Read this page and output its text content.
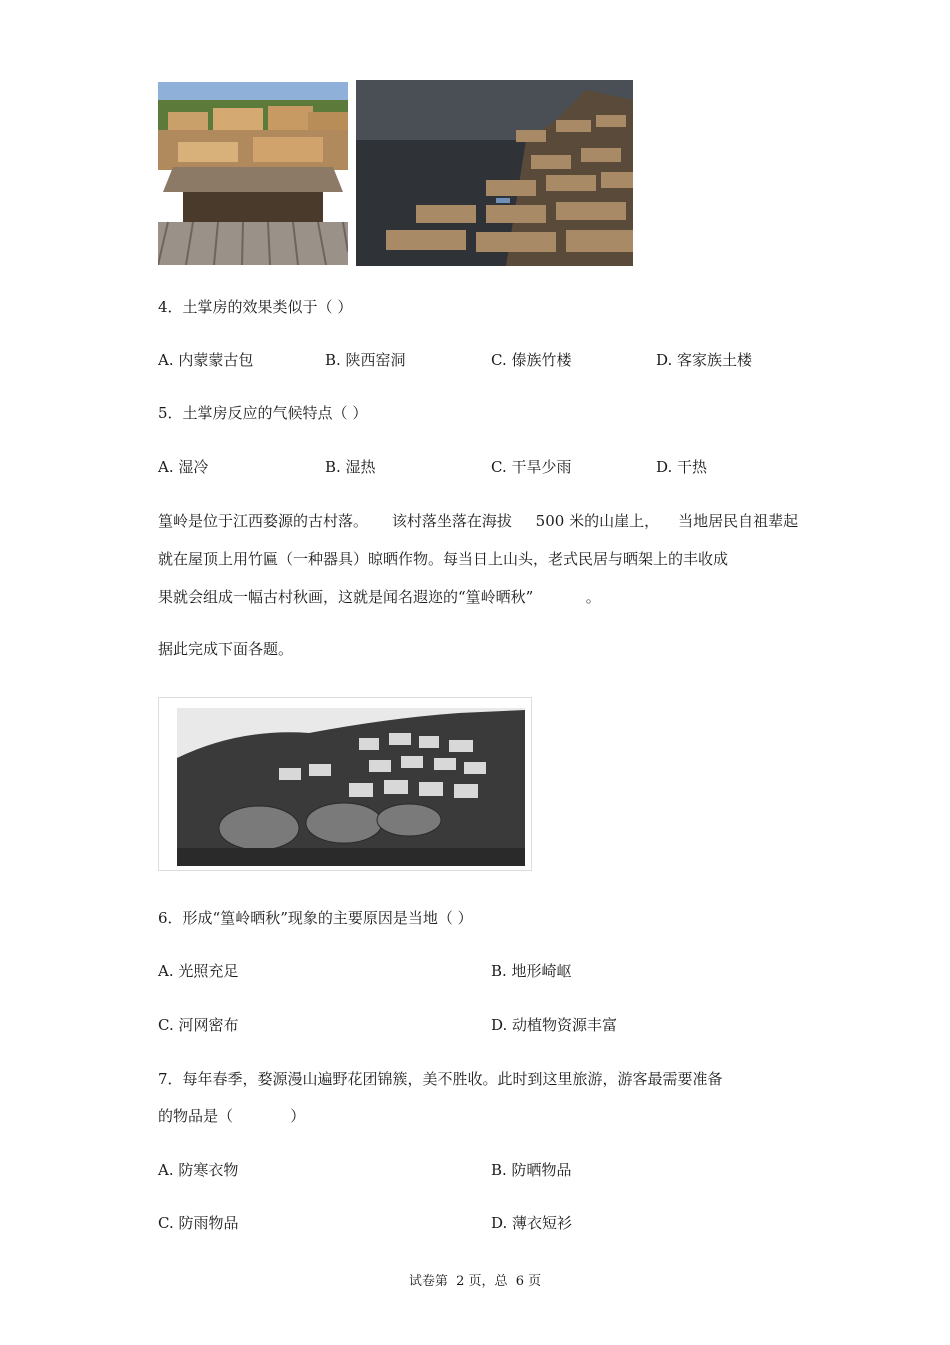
4．土掌房的效果类似于（ ）
A. 内蒙蒙古包	B. 陕西窑洞	C. 傣族竹楼	D. 客家族土楼
5．土掌房反应的气候特点（ ）
A. 湿冷	B. 湿热	C. 干旱少雨	D. 干热
篁岭是位于江西婺源的古村落。     该村落坐落在海拔     500 米的山崖上，    当地居民自祖辈起
就在屋顶上用竹匾（一种器具）晾晒作物。每当日上山头，老式民居与晒架上的丰收成
果就会组成一幅古村秋画，这就是闻名遐迩的“篁岭晒秋”           。
据此完成下面各题。
6．形成“篁岭晒秋”现象的主要原因是当地（ ）
A. 光照充足	B. 地形崎岖
C. 河网密布	D. 动植物资源丰富
7．每年春季，婺源漫山遍野花团锦簇，美不胜收。此时到这里旅游，游客最需要准备
的物品是（            ）
A. 防寒衣物	B. 防晒物品
C. 防雨物品	D. 薄衣短衫
试卷第  2 页，总  6 页
